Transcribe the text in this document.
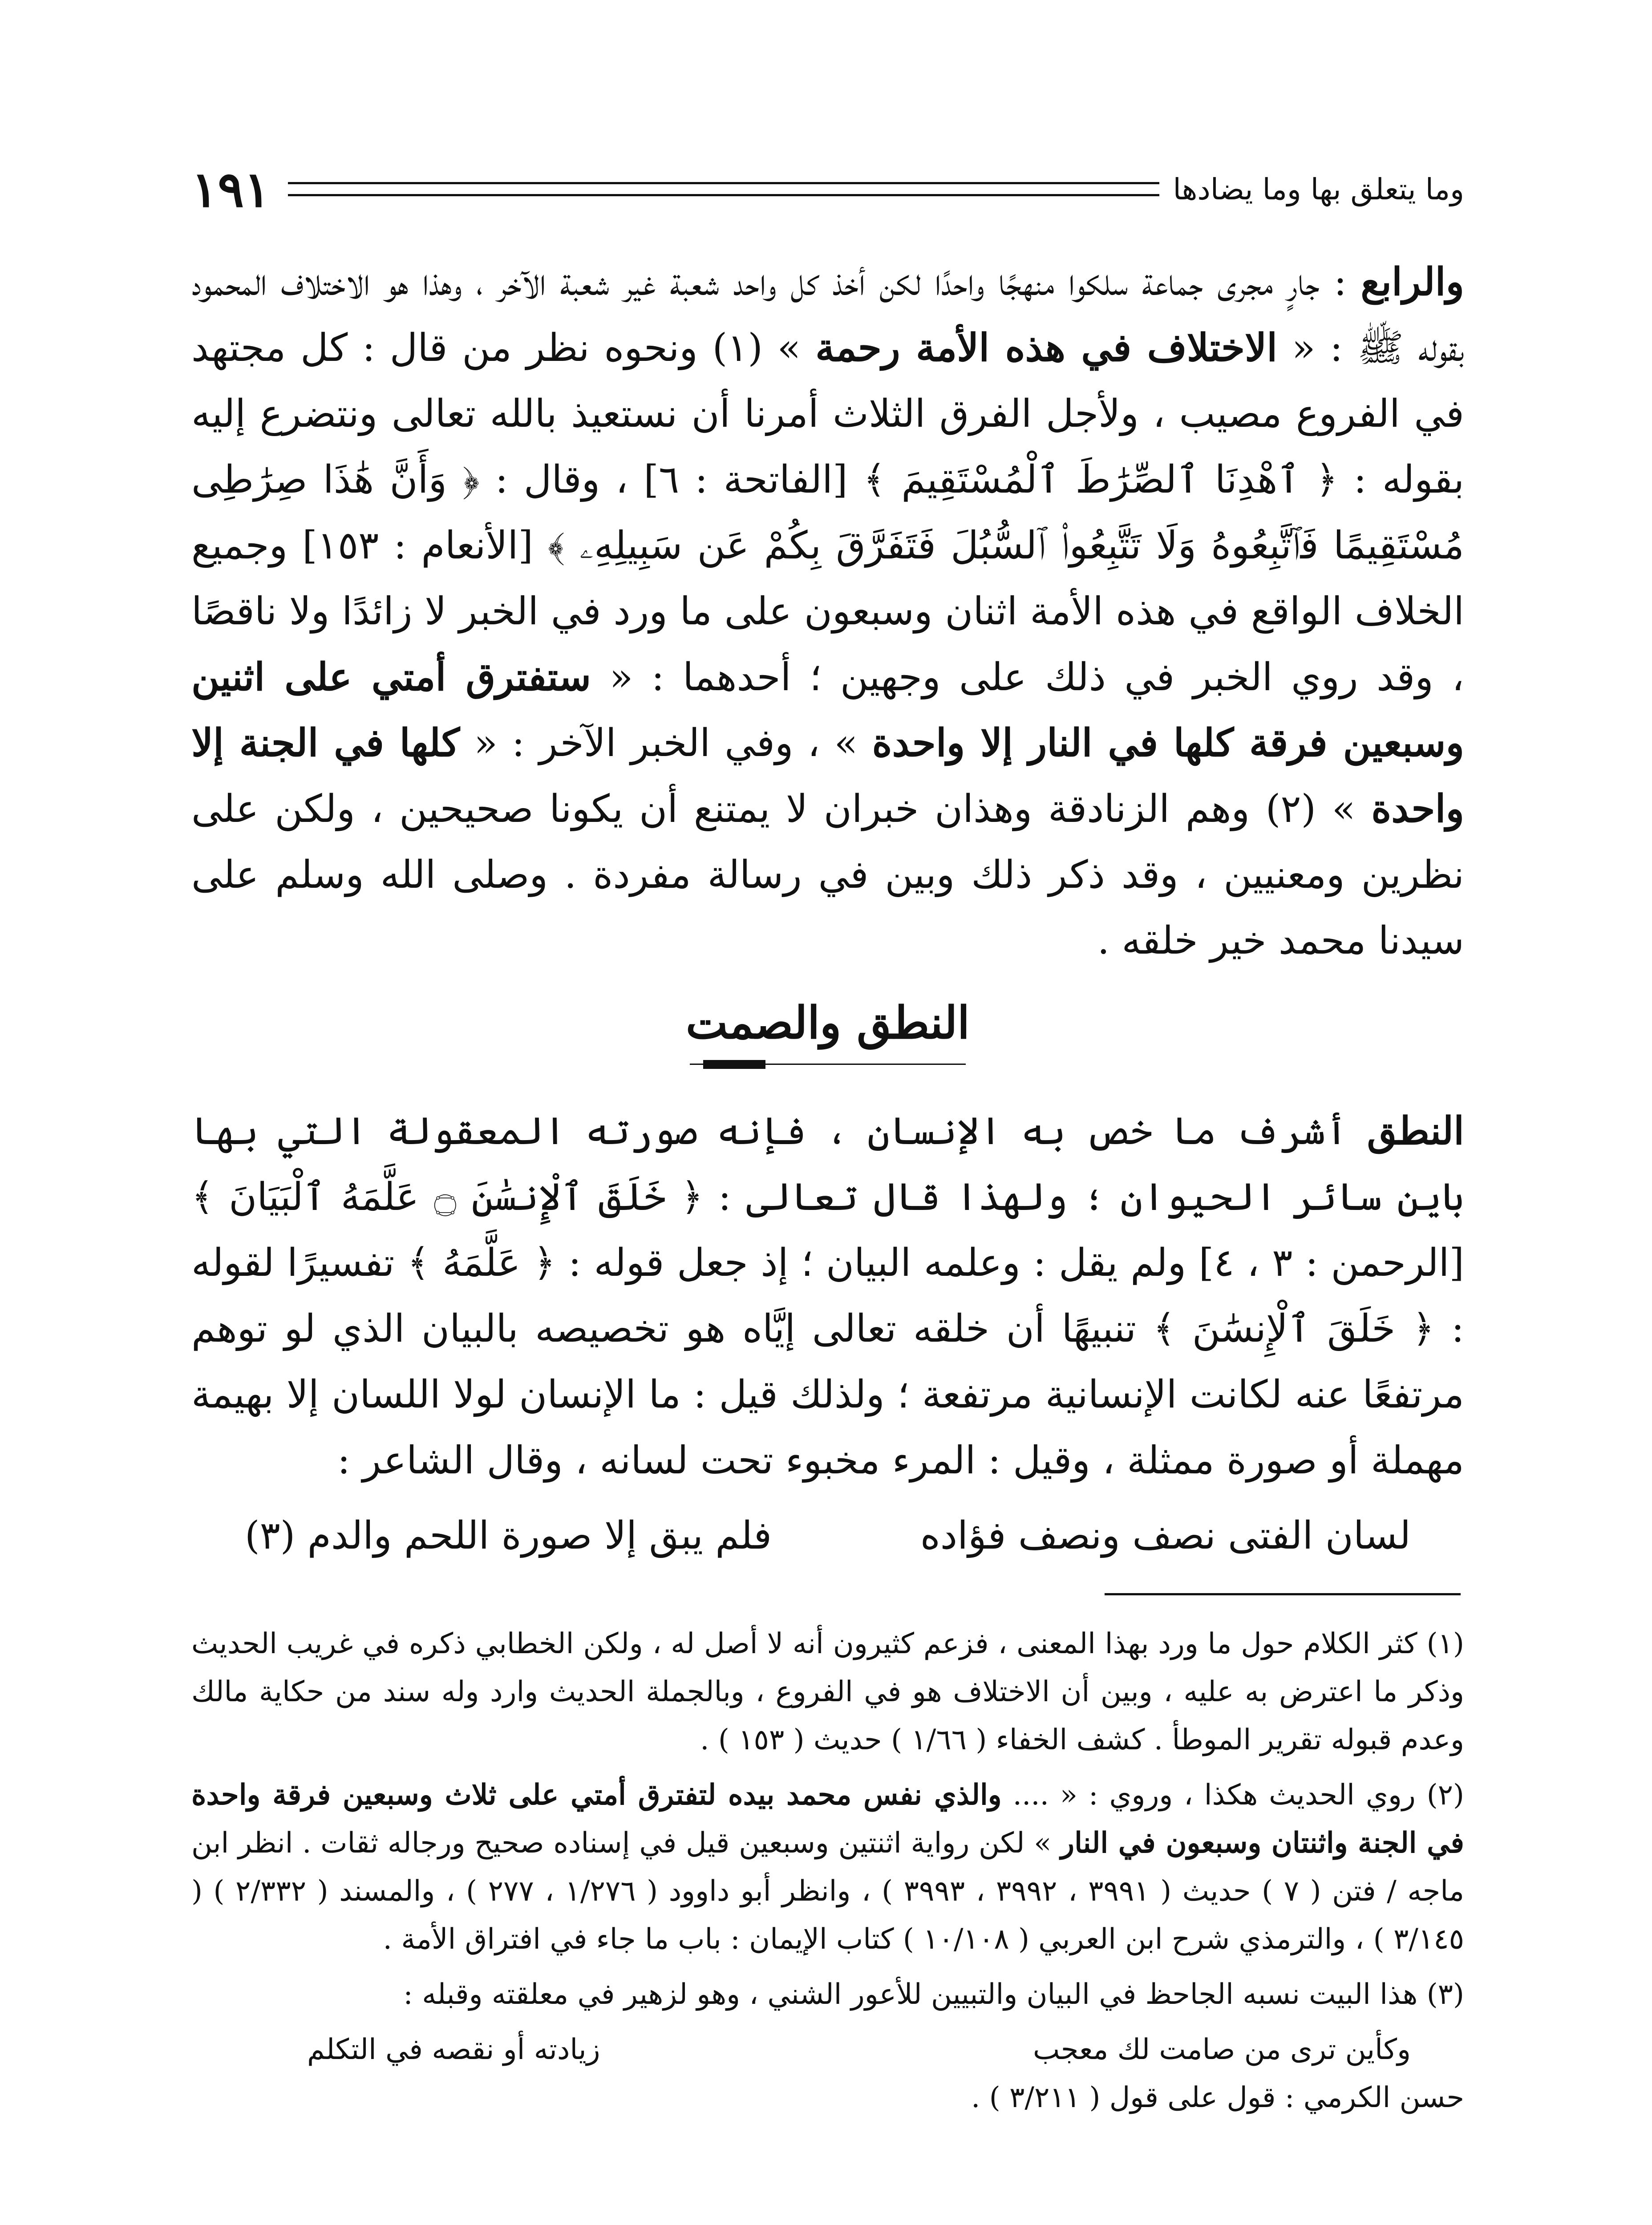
وما يتعلق بها وما يضادها
١٩١

والرابع : جارٍ مجرى جماعة سلكوا منهجًا واحدًا لكن أخذ كل واحد شعبة غير شعبة الآخر ، وهذا هو الاختلاف المحمود بقوله ﷺ : « الاختلاف في هذه الأمة رحمة » (١) ونحوه نظر من قال : كل مجتهد في الفروع مصيب ، ولأجل الفرق الثلاث أمرنا أن نستعيذ بالله تعالى ونتضرع إليه بقوله : ﴿ ٱهْدِنَا ٱلصِّرَٰطَ ٱلْمُسْتَقِيمَ ﴾ [الفاتحة : ٦] ، وقال : ﴿ وَأَنَّ هَٰذَا صِرَٰطِى مُسْتَقِيمًا فَٱتَّبِعُوهُ وَلَا تَتَّبِعُوا۟ ٱلسُّبُلَ فَتَفَرَّقَ بِكُمْ عَن سَبِيلِهِۦ ﴾ [الأنعام : ١٥٣] وجميع الخلاف الواقع في هذه الأمة اثنان وسبعون على ما ورد في الخبر لا زائدًا ولا ناقصًا ، وقد روي الخبر في ذلك على وجهين ؛ أحدهما : « ستفترق أمتي على اثنين وسبعين فرقة كلها في النار إلا واحدة » ، وفي الخبر الآخر : « كلها في الجنة إلا واحدة » (٢) وهم الزنادقة وهذان خبران لا يمتنع أن يكونا صحيحين ، ولكن على نظرين ومعنيين ، وقد ذكر ذلك وبين في رسالة مفردة . وصلى الله وسلم على سيدنا محمد خير خلقه .

النطق والصمت

النطق أشرف ما خص به الإنسان ، فإنه صورته المعقولة التي بها باين سائر الحيوان ؛ ولهذا قال تعالى : ﴿ خَلَقَ ٱلْإِنسَٰنَ ۝ عَلَّمَهُ ٱلْبَيَانَ ﴾ [الرحمن : ٣ ، ٤] ولم يقل : وعلمه البيان ؛ إذ جعل قوله : ﴿ عَلَّمَهُ ﴾ تفسيرًا لقوله : ﴿ خَلَقَ ٱلْإِنسَٰنَ ﴾ تنبيهًا أن خلقه تعالى إيَّاه هو تخصيصه بالبيان الذي لو توهم مرتفعًا عنه لكانت الإنسانية مرتفعة ؛ ولذلك قيل : ما الإنسان لولا اللسان إلا بهيمة مهملة أو صورة ممثلة ، وقيل : المرء مخبوء تحت لسانه ، وقال الشاعر :

لسان الفتى نصف ونصف فؤاده
فلم يبق إلا صورة اللحم والدم (٣)

(١) كثر الكلام حول ما ورد بهذا المعنى ، فزعم كثيرون أنه لا أصل له ، ولكن الخطابي ذكره في غريب الحديث وذكر ما اعترض به عليه ، وبين أن الاختلاف هو في الفروع ، وبالجملة الحديث وارد وله سند من حكاية مالك وعدم قبوله تقرير الموطأ . كشف الخفاء ( ١/٦٦ ) حديث ( ١٥٣ ) .

(٢) روي الحديث هكذا ، وروي : « .... والذي نفس محمد بيده لتفترق أمتي على ثلاث وسبعين فرقة واحدة في الجنة واثنتان وسبعون في النار » لكن رواية اثنتين وسبعين قيل في إسناده صحيح ورجاله ثقات . انظر ابن ماجه / فتن ( ٧ ) حديث ( ٣٩٩١ ، ٣٩٩٢ ، ٣٩٩٣ ) ، وانظر أبو داوود ( ١/٢٧٦ ، ٢٧٧ ) ، والمسند ( ٢/٣٣٢ ) ( ٣/١٤٥ ) ، والترمذي شرح ابن العربي ( ١٠/١٠٨ ) كتاب الإيمان : باب ما جاء في افتراق الأمة .

(٣) هذا البيت نسبه الجاحظ في البيان والتبيين للأعور الشني ، وهو لزهير في معلقته وقبله :

وكأين ترى من صامت لك معجب
زيادته أو نقصه في التكلم

حسن الكرمي : قول على قول ( ٣/٢١١ ) .
